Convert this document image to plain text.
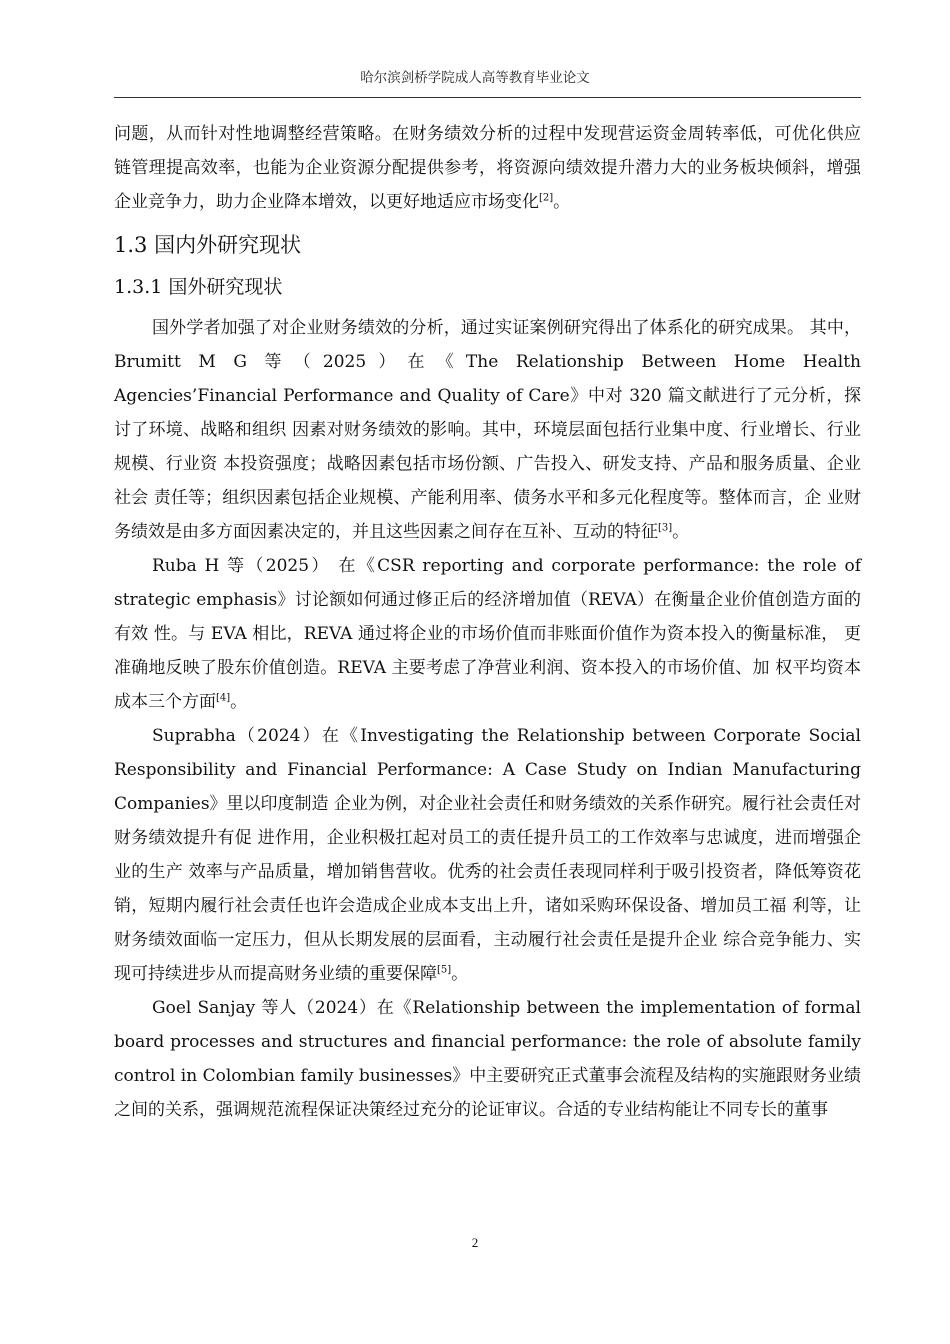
哈尔滨剑桥学院成人高等教育毕业论文

问题，从而针对性地调整经营策略。在财务绩效分析的过程中发现营运资金周转率低，可优化供应链管理提高效率，也能为企业资源分配提供参考，将资源向绩效提升潜力大的业务板块倾斜，增强企业竞争力，助力企业降本增效，以更好地适应市场变化[2]。

1.3 国内外研究现状
1.3.1 国外研究现状

国外学者加强了对企业财务绩效的分析，通过实证案例研究得出了体系化的研究成果。 其中，Brumitt M G 等（2025）在《The Relationship Between Home Health Agencies’Financial Performance and Quality of Care》中对 320 篇文献进行了元分析，探讨了环境、战略和组织 因素对财务绩效的影响。其中，环境层面包括行业集中度、行业增长、行业规模、行业资 本投资强度；战略因素包括市场份额、广告投入、研发支持、产品和服务质量、企业社会 责任等；组织因素包括企业规模、产能利用率、债务水平和多元化程度等。整体而言，企 业财务绩效是由多方面因素决定的，并且这些因素之间存在互补、互动的特征[3]。

Ruba H 等（2025） 在《CSR reporting and corporate performance: the role of strategic emphasis》讨论额如何通过修正后的经济增加值（REVA）在衡量企业价值创造方面的有效 性。与 EVA 相比，REVA 通过将企业的市场价值而非账面价值作为资本投入的衡量标准， 更准确地反映了股东价值创造。REVA 主要考虑了净营业利润、资本投入的市场价值、加 权平均资本成本三个方面[4]。

Suprabha（2024）在《Investigating the Relationship between Corporate Social Responsibility and Financial Performance: A Case Study on Indian Manufacturing Companies》里以印度制造 企业为例，对企业社会责任和财务绩效的关系作研究。履行社会责任对财务绩效提升有促 进作用，企业积极扛起对员工的责任提升员工的工作效率与忠诚度，进而增强企业的生产 效率与产品质量，增加销售营收。优秀的社会责任表现同样利于吸引投资者，降低筹资花 销，短期内履行社会责任也许会造成企业成本支出上升，诸如采购环保设备、增加员工福 利等，让财务绩效面临一定压力，但从长期发展的层面看，主动履行社会责任是提升企业 综合竞争能力、实现可持续进步从而提高财务业绩的重要保障[5]。

Goel Sanjay 等人（2024）在《Relationship between the implementation of formal board processes and structures and financial performance: the role of absolute family control in Colombian family businesses》中主要研究正式董事会流程及结构的实施跟财务业绩之间的关系，强调规范流程保证决策经过充分的论证审议。合适的专业结构能让不同专长的董事

2
